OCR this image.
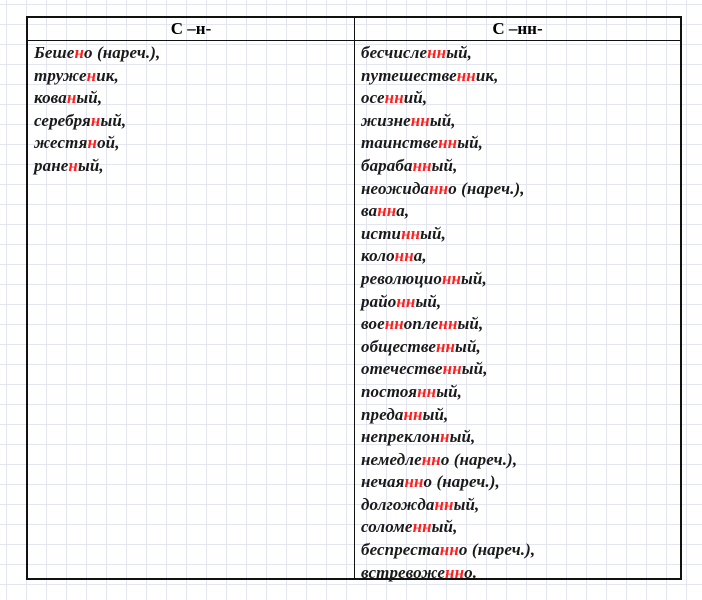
С –н-	С –нн-
Бешено (нареч.),
труженик,
кованый,
серебряный,
жестяной,
раненый,
бесчисленный,
путешественник,
осенний,
жизненный,
таинственный,
барабанный,
неожиданно (нареч.),
ванна,
истинный,
колонна,
революционный,
районный,
военнопленный,
общественный,
отечественный,
постоянный,
преданный,
непреклонный,
немедленно (нареч.),
нечаянно (нареч.),
долгожданный,
соломенный,
беспрестанно (нареч.),
встревоженно.
